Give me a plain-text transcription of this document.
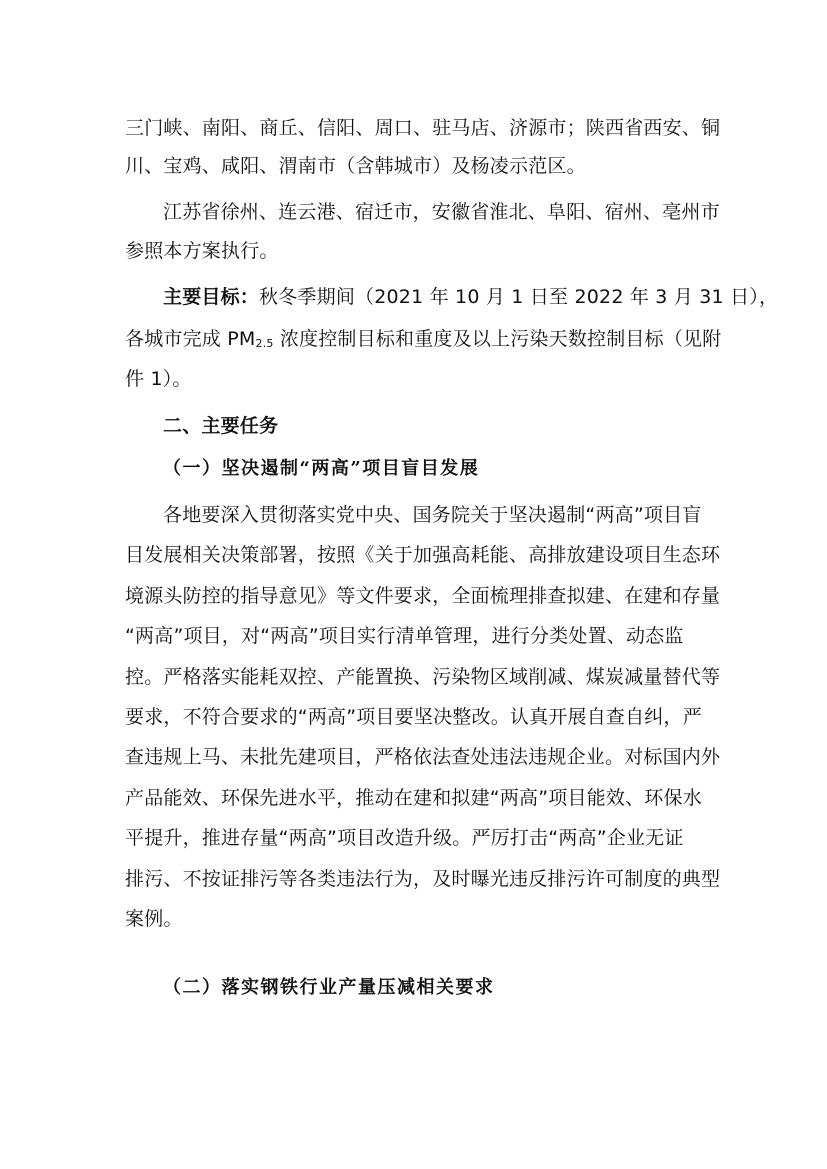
三门峡、南阳、商丘、信阳、周口、驻马店、济源市；陕西省西安、铜
川、宝鸡、咸阳、渭南市（含韩城市）及杨凌示范区。
江苏省徐州、连云港、宿迁市，安徽省淮北、阜阳、宿州、亳州市
参照本方案执行。
主要目标：秋冬季期间（2021 年 10 月 1 日至 2022 年 3 月 31 日），
各城市完成 $PM_{2.5}$ 浓度控制目标和重度及以上污染天数控制目标（见附
件 1）。
二、主要任务
（一）坚决遏制“两高”项目盲目发展
各地要深入贯彻落实党中央、国务院关于坚决遏制“两高”项目盲
目发展相关决策部署，按照《关于加强高耗能、高排放建设项目生态环
境源头防控的指导意见》等文件要求，全面梳理排查拟建、在建和存量
“两高”项目，对“两高”项目实行清单管理，进行分类处置、动态监
控。严格落实能耗双控、产能置换、污染物区域削减、煤炭减量替代等
要求，不符合要求的“两高”项目要坚决整改。认真开展自查自纠，严
查违规上马、未批先建项目，严格依法查处违法违规企业。对标国内外
产品能效、环保先进水平，推动在建和拟建“两高”项目能效、环保水
平提升，推进存量“两高”项目改造升级。严厉打击“两高”企业无证
排污、不按证排污等各类违法行为，及时曝光违反排污许可制度的典型
案例。
（二）落实钢铁行业产量压减相关要求
